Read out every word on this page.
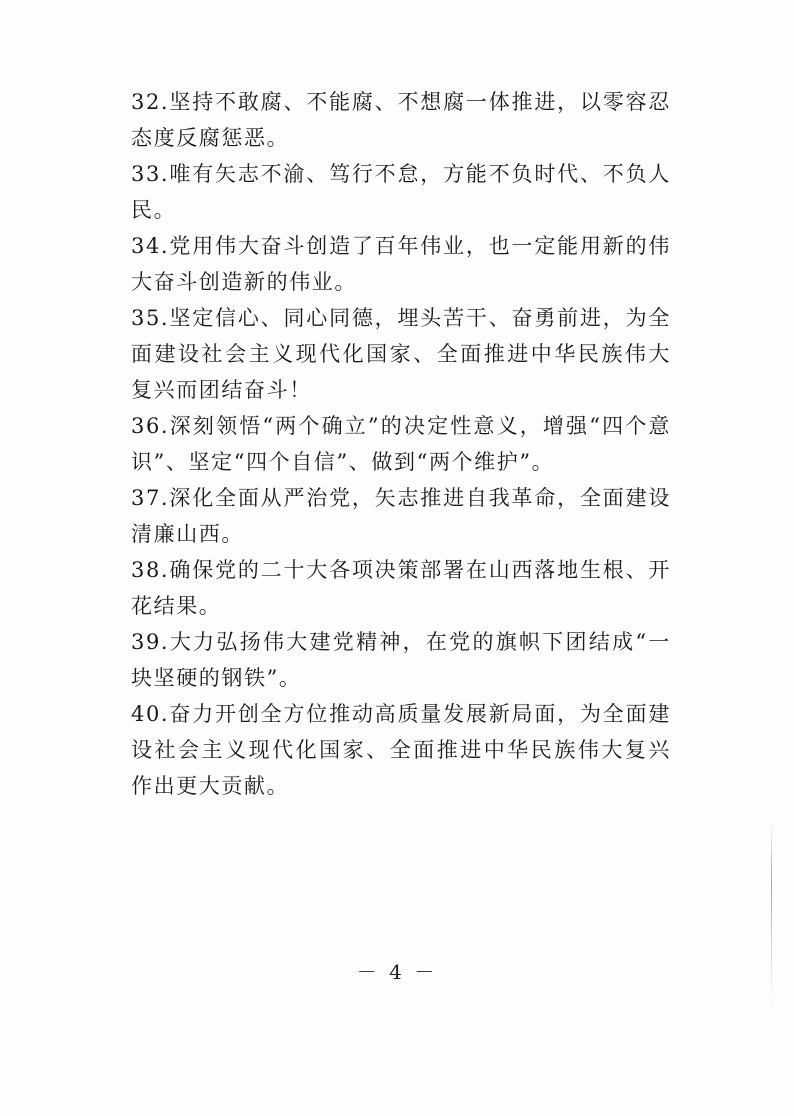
32.坚持不敢腐、不能腐、不想腐一体推进，以零容忍态度反腐惩恶。

33.唯有矢志不渝、笃行不怠，方能不负时代、不负人民。

34.党用伟大奋斗创造了百年伟业，也一定能用新的伟大奋斗创造新的伟业。

35.坚定信心、同心同德，埋头苦干、奋勇前进，为全面建设社会主义现代化国家、全面推进中华民族伟大复兴而团结奋斗！

36.深刻领悟“两个确立”的决定性意义，增强“四个意识”、坚定“四个自信”、做到“两个维护”。

37.深化全面从严治党，矢志推进自我革命，全面建设清廉山西。

38.确保党的二十大各项决策部署在山西落地生根、开花结果。

39.大力弘扬伟大建党精神，在党的旗帜下团结成“一块坚硬的钢铁”。

40.奋力开创全方位推动高质量发展新局面，为全面建设社会主义现代化国家、全面推进中华民族伟大复兴作出更大贡献。

－ 4 －
